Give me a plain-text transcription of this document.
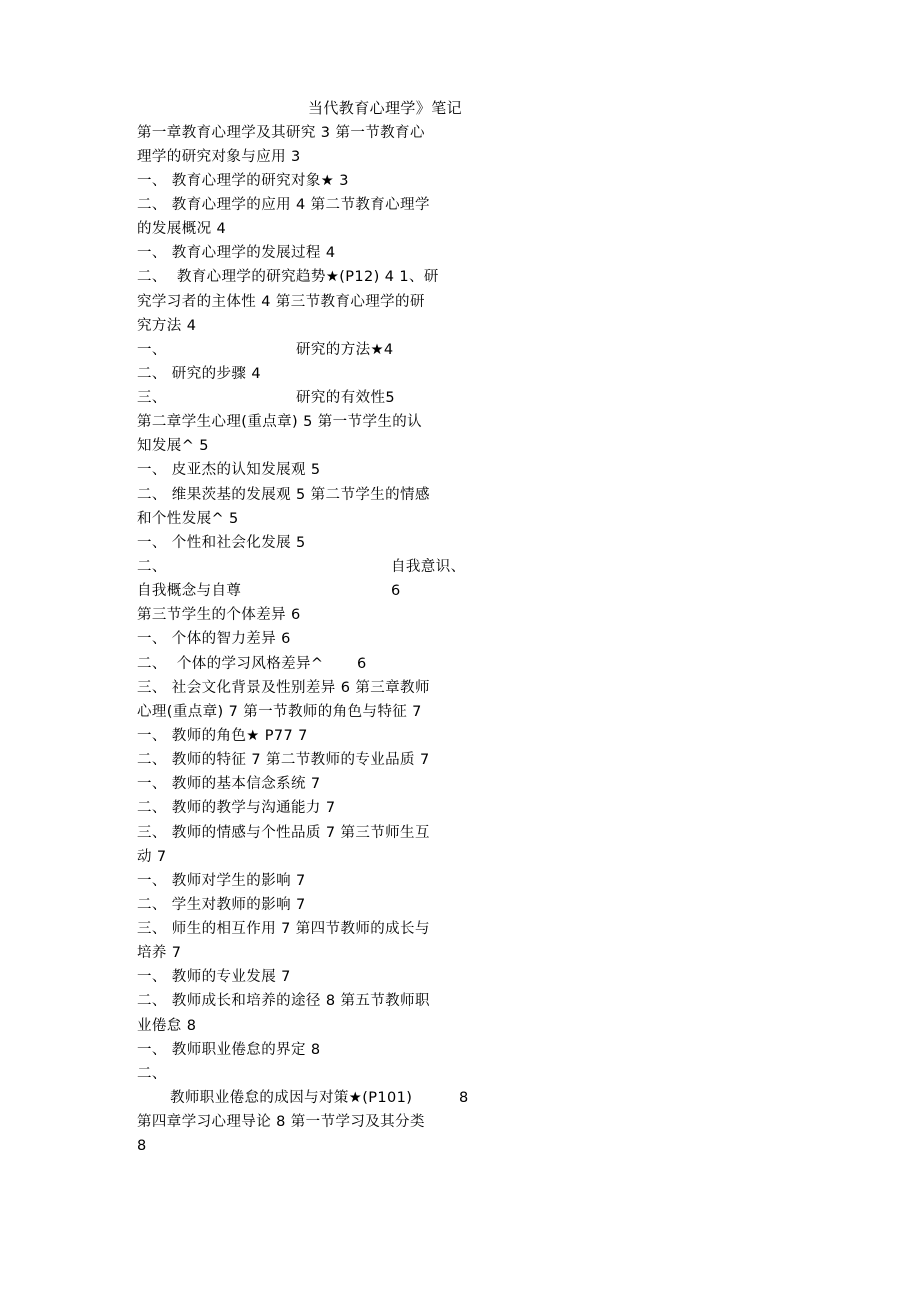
当代教育心理学》笔记
第一章教育心理学及其研究 3 第一节教育心
理学的研究对象与应用 3
一、 教育心理学的研究对象★ 3
二、 教育心理学的应用 4 第二节教育心理学
的发展概况 4
一、 教育心理学的发展过程 4
二、  教育心理学的研究趋势★(P12) 4 1、研
究学习者的主体性 4 第三节教育心理学的研
究方法 4
一、	研究的方法★4
二、 研究的步骤 4
三、	研究的有效性5
第二章学生心理(重点章) 5 第一节学生的认
知发展^ 5
一、 皮亚杰的认知发展观 5
二、 维果茨基的发展观 5 第二节学生的情感
和个性发展^ 5
一、 个性和社会化发展 5
二、	自我意识、
自我概念与自尊	6
第三节学生的个体差异 6
一、 个体的智力差异 6
二、  个体的学习风格差异^ 6
三、 社会文化背景及性别差异 6 第三章教师
心理(重点章) 7 第一节教师的角色与特征 7
一、 教师的角色★ P77 7
二、 教师的特征 7 第二节教师的专业品质 7
一、 教师的基本信念系统 7
二、 教师的教学与沟通能力 7
三、 教师的情感与个性品质 7 第三节师生互
动 7
一、 教师对学生的影响 7
二、 学生对教师的影响 7
三、 师生的相互作用 7 第四节教师的成长与
培养 7
一、 教师的专业发展 7
二、 教师成长和培养的途径 8 第五节教师职
业倦怠 8
一、 教师职业倦怠的界定 8
二、
教师职业倦怠的成因与对策★(P101)	8
第四章学习心理导论 8 第一节学习及其分类
8
